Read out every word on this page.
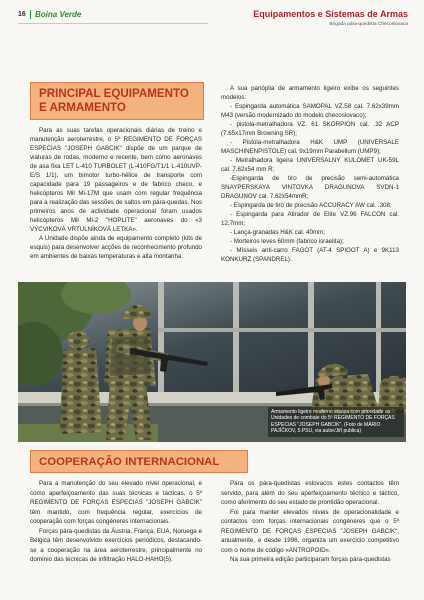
16	Boina Verde	Equipamentos e Sistemas de Armas
Brigada pára-quedista Checoslovaca
PRINCIPAL EQUIPAMENTO E ARMAMENTO

Para as suas tarefas operacionais diárias de treino e manutenção aeroterrestre, o 5º REGIMENTO DE FORÇAS ESPECIAS "JOSEPH GABCIK" dispõe de um parque de viaturas de rodas, moderno e recente, bem como aeronaves de asa fixa LET L-410 TURBOLET (L-410FG/T1/1 L-410UVP-E/S 1/1), um bimotor turbo-hélice de transporte com capacidade para 19 passageiros e de fabrico checo, e helicópteros Mil Mi-17M que usam com regular frequência para a realização das sessões de saltos em pára-quedas. Nos primeiros anos de actividade operacional foram usados helicópteros Mil Mi-2 "HOPLITE" aeronaves do «3 VÝCVIKOVÁ VRTULNÍKOVÁ LETKA».

A Unidade dispõe ainda de equipamento completo (kits de esquis) para desenvolver acções de reconhecimento profundo em ambientes de baixas temperaturas e alta montanha.

A sua panóplia de armamento ligeiro exibe os seguintes modelos:

- Espingarda automática SAMOPAL VZ.58 cal. 7.62x39mm M43 (versão modernizado do modelo checoslovaco);

- pistola-metralhadora VZ. 61 SKORPION cal. .32 ACP (7.65x17mm Browning SR);

- Pistola-metralhadora H&K UMP (UNIVERSALE MASCHINENPISTOLE) cal. 9x19mm Parabellum (UMP9);

- Metralhadora ligeira UNIVERSALNY KULOMET UK-59L cal. 7.62x54 mm R;

-Espingarda de tiro de precisão semi-automática SNAYPERSKAYA VINTOVKA DRAGUNOVA SVDN-1 DRAGUNOV cal. 7.62x54mmR;

- Espingarda de tiro de precisão ACCURACY AW cal. .308;

- Espingarda para Atirador de Elite VZ.96 FALCON cal. 12,7mm;

- Lança-granadas H&K cal. 40mm;

- Morteiros leves 60mm (fabrico israelita);

- Mísseis anti-carro FAGOT (AT-4 SPIGOT A) e 9K113 KONKURZ (SPANDREL).

Armamento ligeiro moderno equipa com prioridade as Unidades de combate do 5º REGIMENTO DE FORÇAS ESPECIAS "JOSEPH GABCIK". (Foto de MÁRIO PAJÍČKOV, 5.PSU, via autor/Jiří publica)
COOPERAÇÃO INTERNACIONAL

Para a manutenção do seu elevado nível operacional, e como aperfeiçoamento das suas técnicas e tácticas, o 5º REGIMENTO DE FORÇAS ESPECIAS "JOSEPH GABCIK" têm mantido, com frequência regular, exercícios de cooperação com forças congéneres internacionais.

Forças pára-quedistas da Áustria, França, EUA, Noruega e Bélgica têm desenvolvido exercícios periódicos, destacando-se a cooperação na área aeroterrestre, principalmente no domínio das técnicas de infiltração HALO-HAHO(5).

Para os pára-quedistas eslovacos estes contactos têm servido, para além do seu aperfeiçoamento técnico e táctico, como aferimento do seu estado de prontidão operacional.

Foi para manter elevados níveis de operacionalidade e contactos com forças internacionais congéneres que o 5º REGIMENTO DE FORÇAS ESPECIAS "JOSEPH GABCIK", anualmente, e desde 1996, organiza um exercício competitivo com o nome de código «ANTROPOID».

Na sua primeira edição participaram forças pára-quedistas
